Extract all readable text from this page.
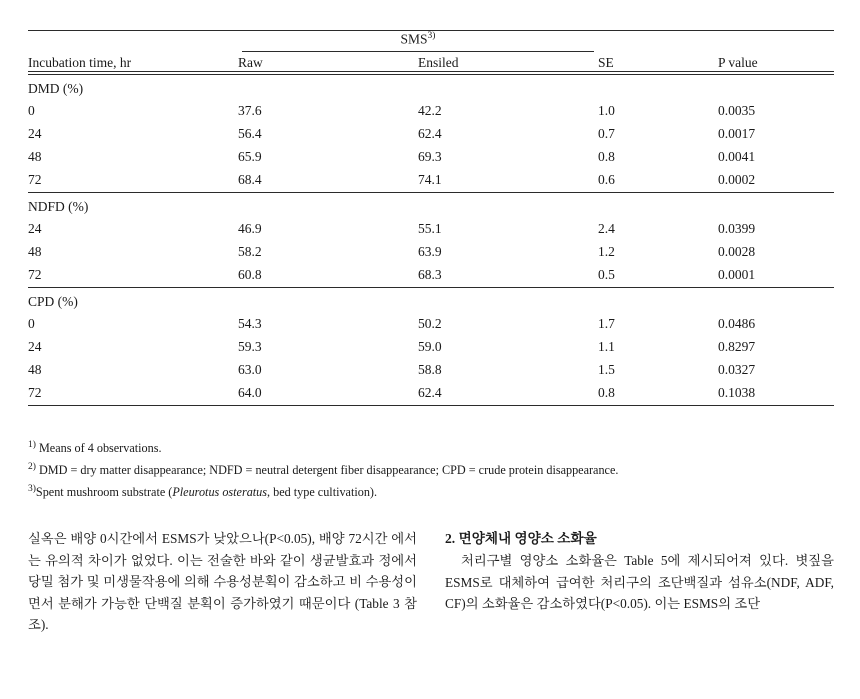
Incubation time, hr	SMS$^{3)}$		SE	P value
	Raw	Ensiled		

DMD (%)				
0	37.6	42.2	1.0	0.0035
24	56.4	62.4	0.7	0.0017
48	65.9	69.3	0.8	0.0041
72	68.4	74.1	0.6	0.0002

NDFD (%)				
24	46.9	55.1	2.4	0.0399
48	58.2	63.9	1.2	0.0028
72	60.8	68.3	0.5	0.0001

CPD (%)				
0	54.3	50.2	1.7	0.0486
24	59.3	59.0	1.1	0.8297
48	63.0	58.8	1.5	0.0327
72	64.0	62.4	0.8	0.1038

$^{1)}$ Means of 4 observations.
$^{2)}$ DMD = dry matter disappearance; NDFD = neutral detergent fiber disappearance; CPD = crude protein disappearance.
$^{3)}$Spent mushroom substrate (Pleurotus osteratus, bed type cultivation).

실옥은 배양 0시간에서 ESMS가 낮았으나(P<0.05), 배양 72시간 에서는 유의적 차이가 없었다. 이는 전술한 바와 같이 생균발효과 정에서 당밀 첨가 및 미생물작용에 의해 수용성분획이 감소하고 비 수용성이면서 분해가 가능한 단백질 분획이 증가하였기 때문이다 (Table 3 참조).

2. 면양체내 영양소 소화율

처리구별 영양소 소화율은 Table 5에 제시되어져 있다. 볏짚을 ESMS로 대체하여 급여한 처리구의 조단백질과 섬유소(NDF, ADF, CF)의 소화율은 감소하였다(P<0.05). 이는 ESMS의 조단
